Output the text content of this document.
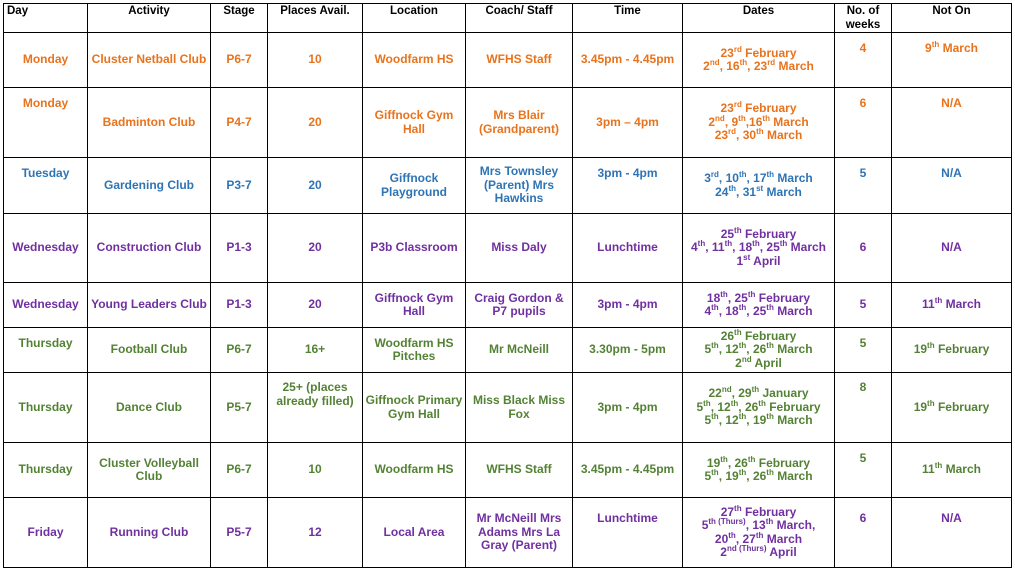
Day	Activity	Stage	Places Avail.	Location	Coach/ Staff	Time	Dates	No. of weeks	Not On
Monday	Cluster Netball Club	P6-7	10	Woodfarm HS	WFHS Staff	3.45pm - 4.45pm	23rd February
2nd, 16th, 23rd March	4	9th March

Monday	Badminton Club	P4-7	20	Giffnock Gym Hall	Mrs Blair (Grandparent)	3pm – 4pm	23rd February
2nd, 9th,16th March
23rd, 30th March	6	N/A

Tuesday	Gardening Club	P3-7	20	Giffnock Playground	Mrs Townsley (Parent) Mrs Hawkins	3pm - 4pm	3rd, 10th, 17th March
24th, 31st March	5	N/A

Wednesday	Construction Club	P1-3	20	P3b Classroom	Miss Daly	Lunchtime	25th February
4th, 11th, 18th, 25th March
1st April	6	N/A

Wednesday	Young Leaders Club	P1-3	20	Giffnock Gym Hall	Craig Gordon & P7 pupils	3pm - 4pm	18th, 25th February
4th, 18th, 25th March	5	11th March

Thursday	Football Club	P6-7	16+	Woodfarm HS Pitches	Mr McNeill	3.30pm - 5pm	26th February
5th, 12th, 26th March
2nd April	5	19th February

Thursday	Dance Club	P5-7	25+ (places already filled)	Giffnock Primary Gym Hall	Miss Black Miss Fox	3pm - 4pm	22nd, 29th January
5th, 12th, 26th February
5th, 12th, 19th March	8	19th February

Thursday	Cluster Volleyball Club	P6-7	10	Woodfarm HS	WFHS Staff	3.45pm - 4.45pm	19th, 26th February
5th, 19th, 26th March	5	11th March

Friday	Running Club	P5-7	12	Local Area	Mr McNeill Mrs Adams Mrs La Gray (Parent)	Lunchtime	27th February
$5^{th (Thurs)}$, 13th March,
20th, 27th March
$2^{nd (Thurs)}$ April	6	N/A
